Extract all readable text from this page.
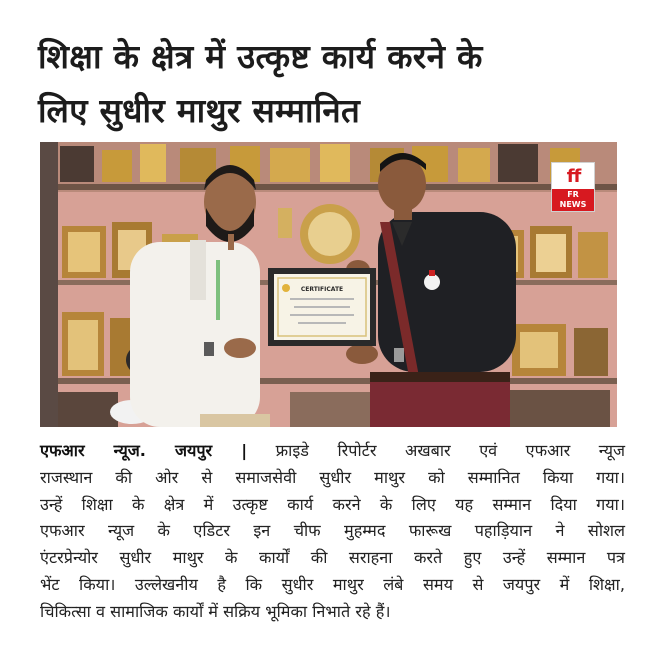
शिक्षा के क्षेत्र में उत्कृष्ट कार्य करने के
लिए सुधीर माथुर सम्मानित
CERTIFICATE
ff
FR
NEWS
एफआर न्यूज. जयपुर | फ्राइडे रिपोर्टर अखबार एवं एफआर न्यूज
राजस्थान की ओर से समाजसेवी सुधीर माथुर को सम्मानित किया गया।
उन्हें शिक्षा के क्षेत्र में उत्कृष्ट कार्य करने के लिए यह सम्मान दिया गया।
एफआर न्यूज के एडिटर इन चीफ मुहम्मद फारूख पहाड़ियान ने सोशल
एंटरप्रेन्योर सुधीर माथुर के कार्यों की सराहना करते हुए उन्हें सम्मान पत्र
भेंट किया। उल्लेखनीय है कि सुधीर माथुर लंबे समय से जयपुर में शिक्षा,
चिकित्सा व सामाजिक कार्यों में सक्रिय भूमिका निभाते रहे हैं।
